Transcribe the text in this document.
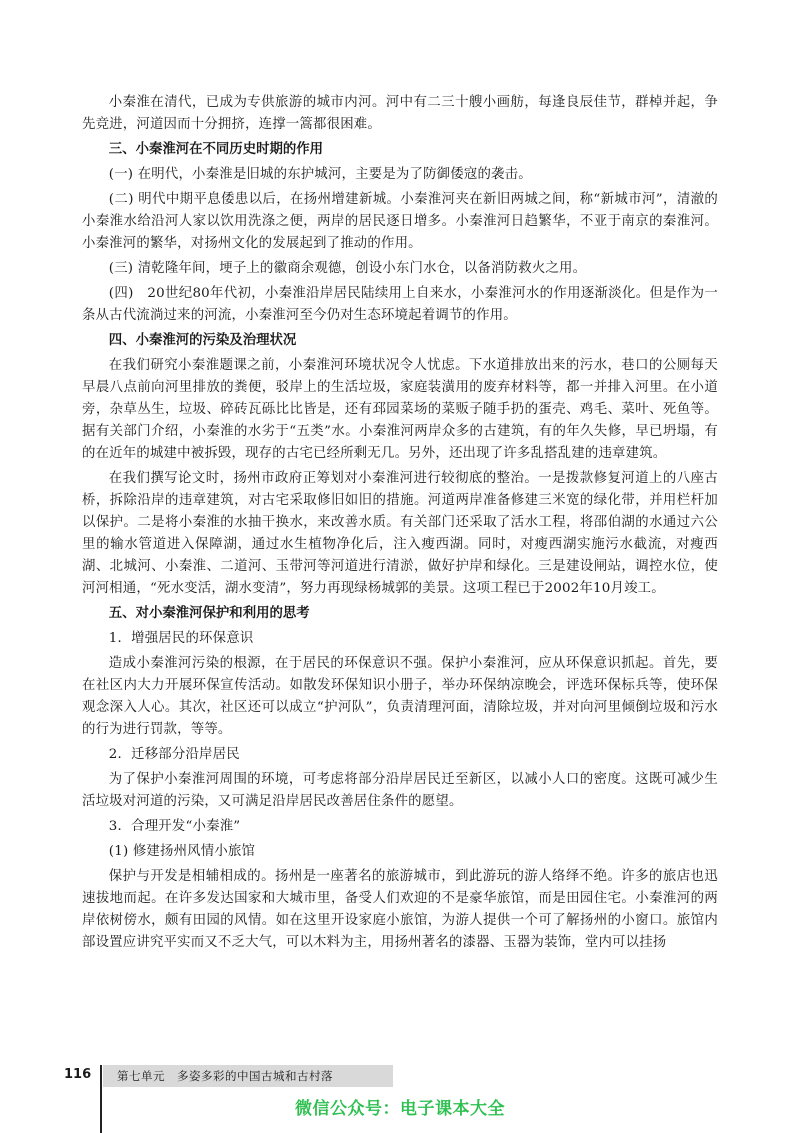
小秦淮在清代，已成为专供旅游的城市内河。河中有二三十艘小画舫，每逢良辰佳节，群棹并起，争先竞进，河道因而十分拥挤，连撑一篙都很困难。

三、小秦淮河在不同历史时期的作用

(一) 在明代，小秦淮是旧城的东护城河，主要是为了防御倭寇的袭击。

(二) 明代中期平息倭患以后，在扬州增建新城。小秦淮河夹在新旧两城之间，称“新城市河”，清澈的小秦淮水给沿河人家以饮用洗涤之便，两岸的居民逐日增多。小秦淮河日趋繁华，不亚于南京的秦淮河。小秦淮河的繁华，对扬州文化的发展起到了推动的作用。

(三) 清乾隆年间，埂子上的徽商余观德，创设小东门水仓，以备消防救火之用。

(四)　20世纪80年代初，小秦淮沿岸居民陆续用上自来水，小秦淮河水的作用逐渐淡化。但是作为一条从古代流淌过来的河流，小秦淮河至今仍对生态环境起着调节的作用。

四、小秦淮河的污染及治理状况

在我们研究小秦淮题课之前，小秦淮河环境状况令人忧虑。下水道排放出来的污水，巷口的公厕每天早晨八点前向河里排放的粪便，驳岸上的生活垃圾，家庭装潢用的废弃材料等，都一并排入河里。在小道旁，杂草丛生，垃圾、碎砖瓦砾比比皆是，还有邳园菜场的菜贩子随手扔的蛋壳、鸡毛、菜叶、死鱼等。据有关部门介绍，小秦淮的水劣于“五类”水。小秦淮河两岸众多的古建筑，有的年久失修，早已坍塌，有的在近年的城建中被拆毁，现存的古宅已经所剩无几。另外，还出现了许多乱搭乱建的违章建筑。

在我们撰写论文时，扬州市政府正筹划对小秦淮河进行较彻底的整治。一是拨款修复河道上的八座古桥，拆除沿岸的违章建筑，对古宅采取修旧如旧的措施。河道两岸准备修建三米宽的绿化带，并用栏杆加以保护。二是将小秦淮的水抽干换水，来改善水质。有关部门还采取了活水工程，将邵伯湖的水通过六公里的输水管道进入保障湖，通过水生植物净化后，注入瘦西湖。同时，对瘦西湖实施污水截流，对瘦西湖、北城河、小秦淮、二道河、玉带河等河道进行清淤，做好护岸和绿化。三是建设闸站，调控水位，使河河相通，“死水变活，湖水变清”，努力再现绿杨城郭的美景。这项工程已于2002年10月竣工。

五、对小秦淮河保护和利用的思考

1．增强居民的环保意识

造成小秦淮河污染的根源，在于居民的环保意识不强。保护小秦淮河，应从环保意识抓起。首先，要在社区内大力开展环保宣传活动。如散发环保知识小册子，举办环保纳凉晚会，评选环保标兵等，使环保观念深入人心。其次，社区还可以成立“护河队”，负责清理河面，清除垃圾，并对向河里倾倒垃圾和污水的行为进行罚款，等等。

2．迁移部分沿岸居民

为了保护小秦淮河周围的环境，可考虑将部分沿岸居民迁至新区，以减小人口的密度。这既可减少生活垃圾对河道的污染，又可满足沿岸居民改善居住条件的愿望。

3．合理开发“小秦淮”

(1) 修建扬州风情小旅馆

保护与开发是相辅相成的。扬州是一座著名的旅游城市，到此游玩的游人络绎不绝。许多的旅店也迅速拔地而起。在许多发达国家和大城市里，备受人们欢迎的不是豪华旅馆，而是田园住宅。小秦淮河的两岸依树傍水，颇有田园的风情。如在这里开设家庭小旅馆，为游人提供一个可了解扬州的小窗口。旅馆内部设置应讲究平实而又不乏大气，可以木料为主，用扬州著名的漆器、玉器为装饰，堂内可以挂扬

116	第七单元　多姿多彩的中国古城和古村落
微信公众号：电子课本大全
